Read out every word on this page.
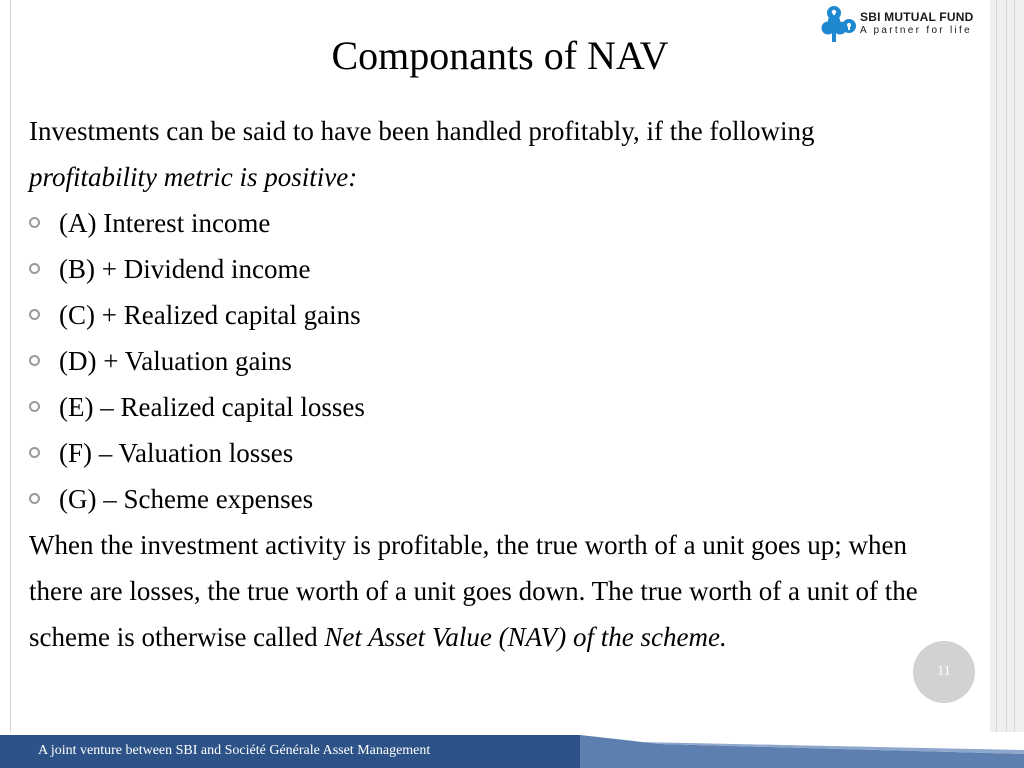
SBI MUTUAL FUND
A partner for life
Componants of NAV

Investments can be said to have been handled profitably, if the following profitability metric is positive:

(A) Interest income
(B) + Dividend income
(C) + Realized capital gains
(D) + Valuation gains
(E) – Realized capital losses
(F) – Valuation losses
(G) – Scheme expenses

When the investment activity is profitable, the true worth of a unit goes up; when there are losses, the true worth of a unit goes down. The true worth of a unit of the scheme is otherwise called Net Asset Value (NAV) of the scheme.

11
A joint venture between SBI and Société Générale Asset Management
